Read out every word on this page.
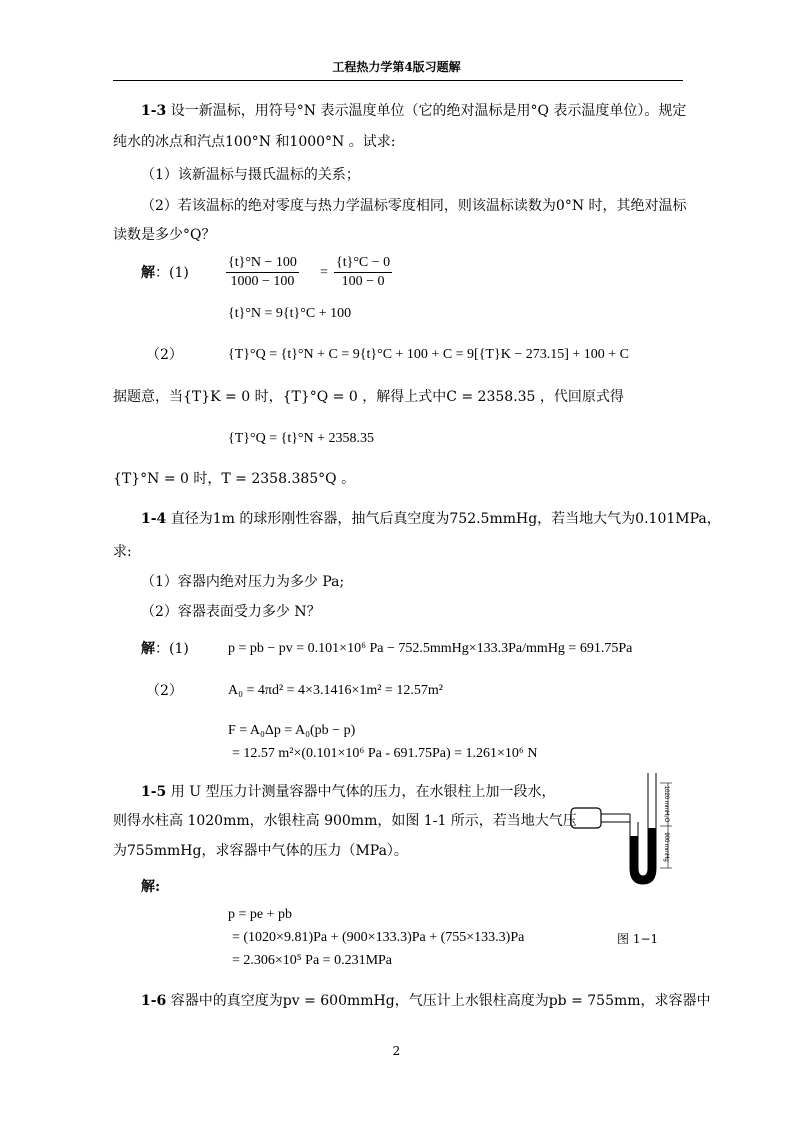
工程热力学第4版习题解
1-3 设一新温标，用符号°N 表示温度单位（它的绝对温标是用°Q 表示温度单位）。规定
纯水的冰点和汽点100°N 和1000°N 。试求:
（1）该新温标与摄氏温标的关系；
（2）若该温标的绝对零度与热力学温标零度相同，则该温标读数为0°N 时，其绝对温标
读数是多少°Q？
解：(1)	$\frac{\{t\}^\circ N - 100}{1000 - 100} = \frac{\{t\}^\circ C - 0}{100 - 0}$
{t}°N = 9{t}°C + 100
（2）	{T}°Q = {t}°N + C = 9{t}°C + 100 + C = 9[{T}K − 273.15] + 100 + C
据题意，当{T}K = 0 时，{T}°Q = 0 ，解得上式中C = 2358.35 ，代回原式得
{T}°Q = {t}°N + 2358.35
{T}°N = 0 时，T = 2358.385°Q 。
1-4 直径为1m 的球形刚性容器，抽气后真空度为752.5mmHg，若当地大气为0.101MPa，
求:
（1）容器内绝对压力为多少 Pa;
（2）容器表面受力多少 N？
解：(1)	p = pb − pv = 0.101×10⁶ Pa − 752.5mmHg×133.3Pa/mmHg = 691.75Pa
（2）	A₀ = 4πd² = 4×3.1416×1m² = 12.57m²
F = A₀Δp = A₀(pb − p)
= 12.57 m²×(0.101×10⁶ Pa - 691.75Pa) = 1.261×10⁶ N
1-5 用 U 型压力计测量容器中气体的压力，在水银柱上加一段水，
则得水柱高 1020mm，水银柱高 900mm，如图 1-1 所示，若当地大气压
为755mmHg，求容器中气体的压力（MPa）。
解:
p = pe + pb
= (1020×9.81)Pa + (900×133.3)Pa + (755×133.3)Pa
= 2.306×10⁵ Pa = 0.231MPa
图 1−1
1020 mmH₂O
900 mmHg
1-6 容器中的真空度为pv = 600mmHg，气压计上水银柱高度为pb = 755mm，求容器中
2
